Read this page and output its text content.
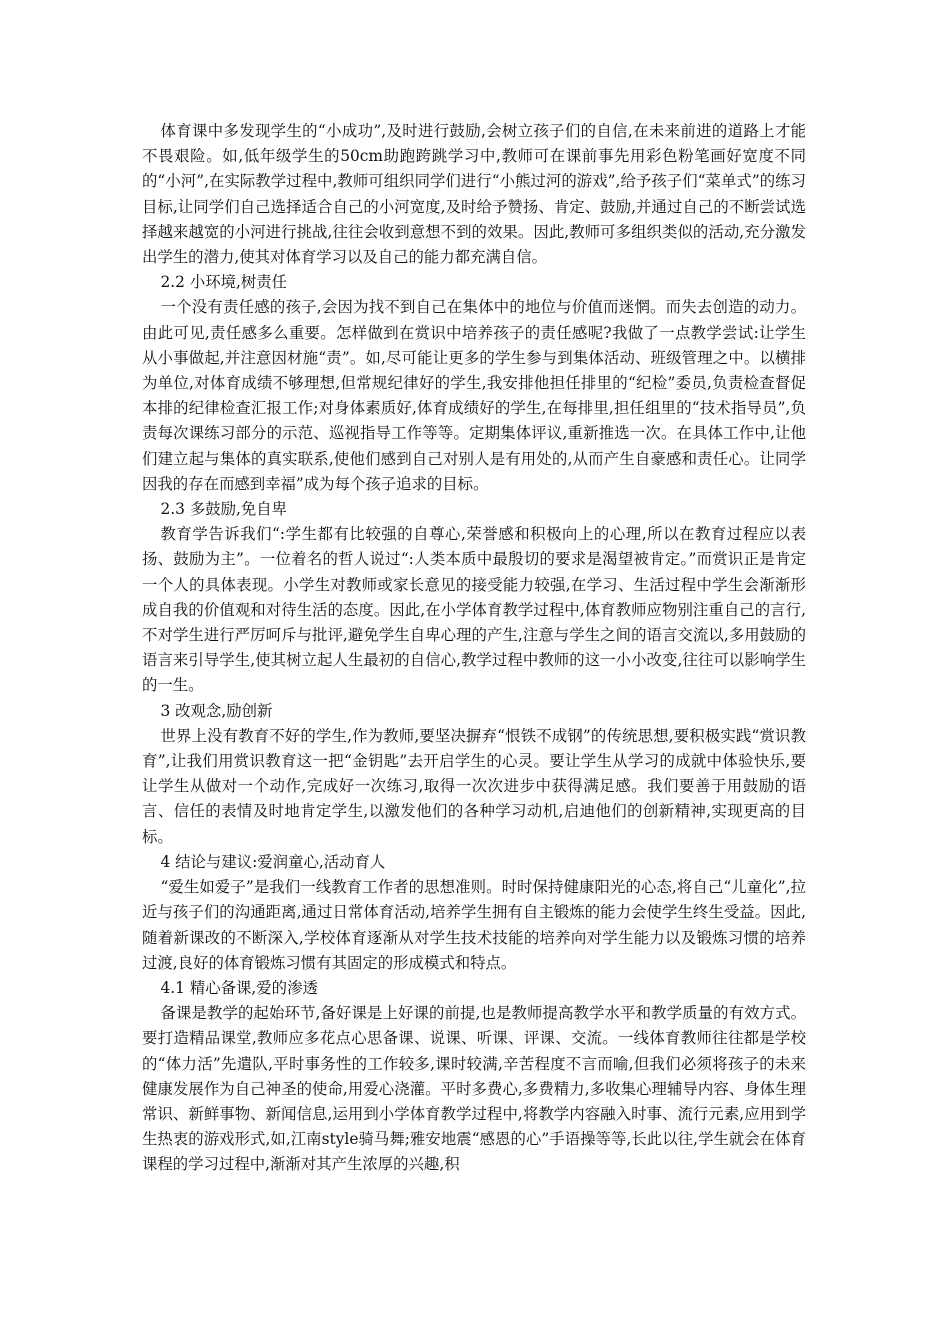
体育课中多发现学生的“小成功”,及时进行鼓励,会树立孩子们的自信,在未来前进的道路上才能不畏艰险。如,低年级学生的50cm助跑跨跳学习中,教师可在课前事先用彩色粉笔画好宽度不同的“小河”,在实际教学过程中,教师可组织同学们进行“小熊过河的游戏”,给予孩子们“菜单式”的练习目标,让同学们自己选择适合自己的小河宽度,及时给予赞扬、肯定、鼓励,并通过自己的不断尝试选择越来越宽的小河进行挑战,往往会收到意想不到的效果。因此,教师可多组织类似的活动,充分激发出学生的潜力,使其对体育学习以及自己的能力都充满自信。

2.2 小环境,树责任

一个没有责任感的孩子,会因为找不到自己在集体中的地位与价值而迷惘。而失去创造的动力。由此可见,责任感多么重要。怎样做到在赏识中培养孩子的责任感呢?我做了一点教学尝试:让学生从小事做起,并注意因材施“责”。如,尽可能让更多的学生参与到集体活动、班级管理之中。以横排为单位,对体育成绩不够理想,但常规纪律好的学生,我安排他担任排里的“纪检”委员,负责检查督促本排的纪律检查汇报工作;对身体素质好,体育成绩好的学生,在每排里,担任组里的“技术指导员”,负责每次课练习部分的示范、巡视指导工作等等。定期集体评议,重新推选一次。在具体工作中,让他们建立起与集体的真实联系,使他们感到自己对别人是有用处的,从而产生自豪感和责任心。让同学因我的存在而感到幸福”成为每个孩子追求的目标。

2.3 多鼓励,免自卑

教育学告诉我们“:学生都有比较强的自尊心,荣誉感和积极向上的心理,所以在教育过程应以表扬、鼓励为主”。一位着名的哲人说过“:人类本质中最殷切的要求是渴望被肯定。”而赏识正是肯定一个人的具体表现。小学生对教师或家长意见的接受能力较强,在学习、生活过程中学生会渐渐形成自我的价值观和对待生活的态度。因此,在小学体育教学过程中,体育教师应物别注重自己的言行,不对学生进行严厉呵斥与批评,避免学生自卑心理的产生,注意与学生之间的语言交流以,多用鼓励的语言来引导学生,使其树立起人生最初的自信心,教学过程中教师的这一小小改变,往往可以影响学生的一生。

3 改观念,励创新

世界上没有教育不好的学生,作为教师,要坚决摒弃“恨铁不成钢”的传统思想,要积极实践“赏识教育”,让我们用赏识教育这一把“金钥匙”去开启学生的心灵。要让学生从学习的成就中体验快乐,要让学生从做对一个动作,完成好一次练习,取得一次次进步中获得满足感。我们要善于用鼓励的语言、信任的表情及时地肯定学生,以激发他们的各种学习动机,启迪他们的创新精神,实现更高的目标。

4 结论与建议:爱润童心,活动育人

“爱生如爱子”是我们一线教育工作者的思想准则。时时保持健康阳光的心态,将自己“儿童化”,拉近与孩子们的沟通距离,通过日常体育活动,培养学生拥有自主锻炼的能力会使学生终生受益。因此,随着新课改的不断深入,学校体育逐渐从对学生技术技能的培养向对学生能力以及锻炼习惯的培养过渡,良好的体育锻炼习惯有其固定的形成模式和特点。

4.1 精心备课,爱的渗透

备课是教学的起始环节,备好课是上好课的前提,也是教师提高教学水平和教学质量的有效方式。要打造精品课堂,教师应多花点心思备课、说课、听课、评课、交流。一线体育教师往往都是学校的“体力活”先遣队,平时事务性的工作较多,课时较满,辛苦程度不言而喻,但我们必须将孩子的未来健康发展作为自己神圣的使命,用爱心浇灌。平时多费心,多费精力,多收集心理辅导内容、身体生理常识、新鲜事物、新闻信息,运用到小学体育教学过程中,将教学内容融入时事、流行元素,应用到学生热衷的游戏形式,如,江南style骑马舞;雅安地震“感恩的心”手语操等等,长此以往,学生就会在体育课程的学习过程中,渐渐对其产生浓厚的兴趣,积
